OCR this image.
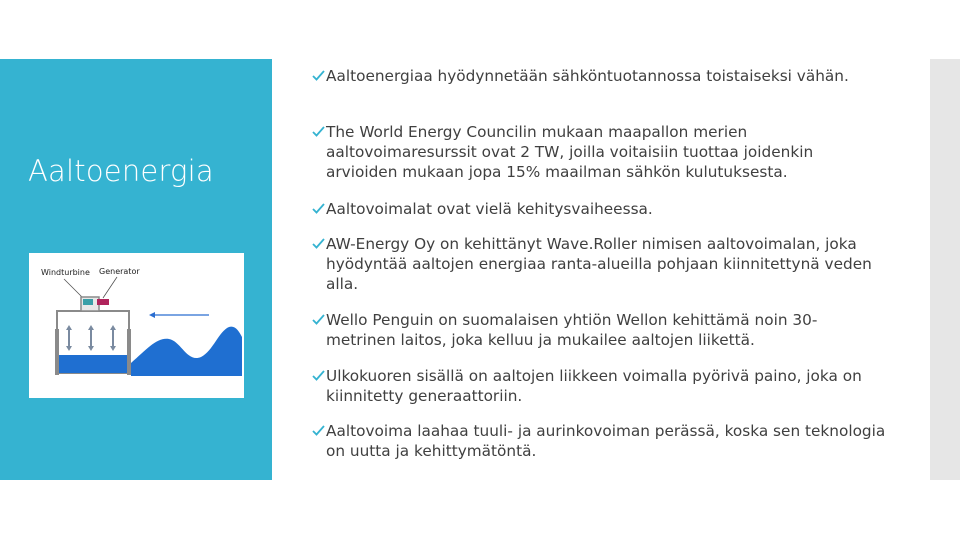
Aaltoenergia
Windturbine Generator
Aaltoenergiaa hyödynnetään sähköntuotannossa toistaiseksi vähän.
The World Energy Councilin mukaan maapallon merien aaltovoimaresurssit ovat 2 TW, joilla voitaisiin tuottaa joidenkin arvioiden mukaan jopa 15% maailman sähkön kulutuksesta.
Aaltovoimalat ovat vielä kehitysvaiheessa.
AW-Energy Oy on kehittänyt Wave.Roller nimisen aaltovoimalan, joka hyödyntää aaltojen energiaa ranta-alueilla pohjaan kiinnitettynä veden alla.
Wello Penguin on suomalaisen yhtiön Wellon kehittämä noin 30-metrinen laitos, joka kelluu ja mukailee aaltojen liikettä.
Ulkokuoren sisällä on aaltojen liikkeen voimalla pyörivä paino, joka on kiinnitetty generaattoriin.
Aaltovoima laahaa tuuli- ja aurinkovoiman perässä, koska sen teknologia on uutta ja kehittymätöntä.
